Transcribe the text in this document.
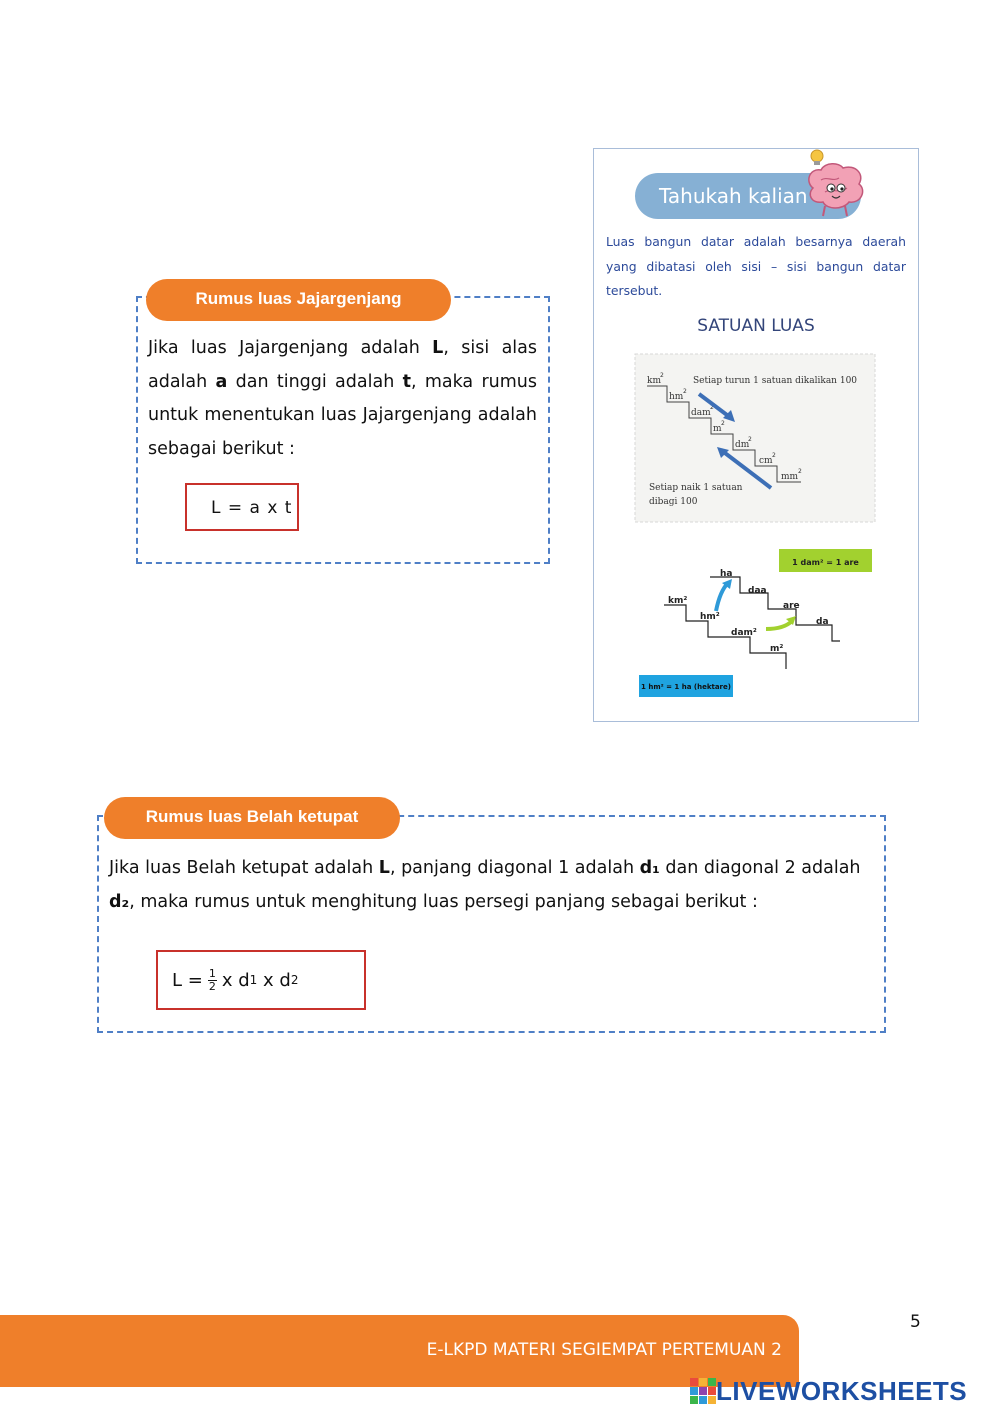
Rumus luas Jajargenjang
Jika luas Jajargenjang adalah L, sisi alas adalah a dan tinggi adalah t, maka rumus untuk menentukan luas Jajargenjang adalah sebagai berikut :
L = a x t
Tahukah kalian
Luas bangun datar adalah besarnya daerah yang dibatasi oleh sisi – sisi bangun datar tersebut.
SATUAN LUAS
km
hm
dam
m
dm
cm
mm
2
2
2
2
2
2
2
Setiap turun 1 satuan dikalikan 100
Setiap naik 1 satuan
dibagi 100
1 dam² = 1 are
km²
hm²
dam²
m²
ha
daa
are
da
1 hm² = 1 ha (hektare)
Rumus luas Belah ketupat
Jika luas Belah ketupat adalah L, panjang diagonal 1 adalah d₁ dan diagonal 2 adalah d₂, maka rumus untuk menghitung luas persegi panjang sebagai berikut :
$L = \frac{1}{2}$ x d 1 x d 2
5
E-LKPD MATERI SEGIEMPAT PERTEMUAN 2
LIVEWORKSHEETS
